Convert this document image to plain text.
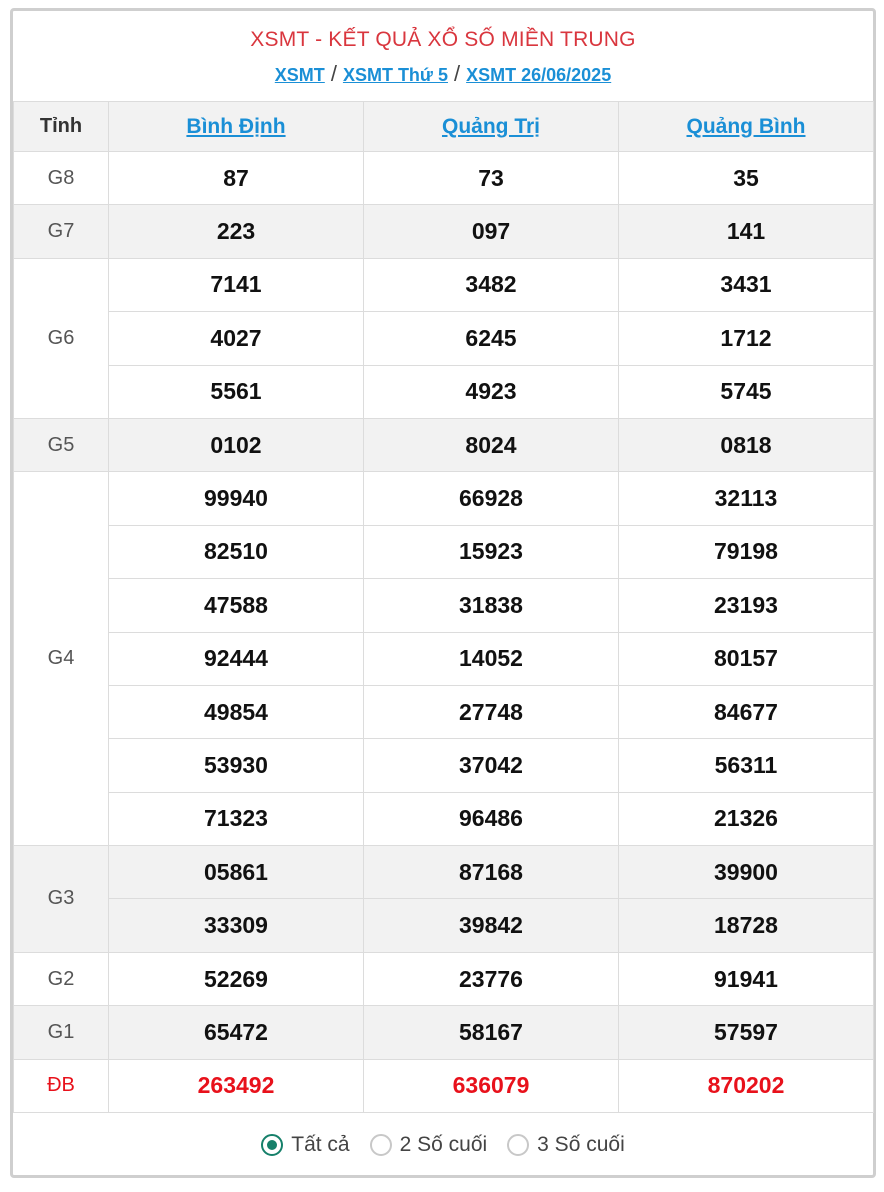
XSMT - KẾT QUẢ XỔ SỐ MIỀN TRUNG
XSMT / XSMT Thứ 5 / XSMT 26/06/2025
Tỉnh	Bình Định	Quảng Trị	Quảng Bình
G8	87	73	35
G7	223	097	141
G6	7141	3482	3431
	4027	6245	1712
	5561	4923	5745
G5	0102	8024	0818
G4	99940	66928	32113
	82510	15923	79198
	47588	31838	23193
	92444	14052	80157
	49854	27748	84677
	53930	37042	56311
	71323	96486	21326
G3	05861	87168	39900
	33309	39842	18728
G2	52269	23776	91941
G1	65472	58167	57597
ĐB	263492	636079	870202
Tất cả 2 Số cuối 3 Số cuối
